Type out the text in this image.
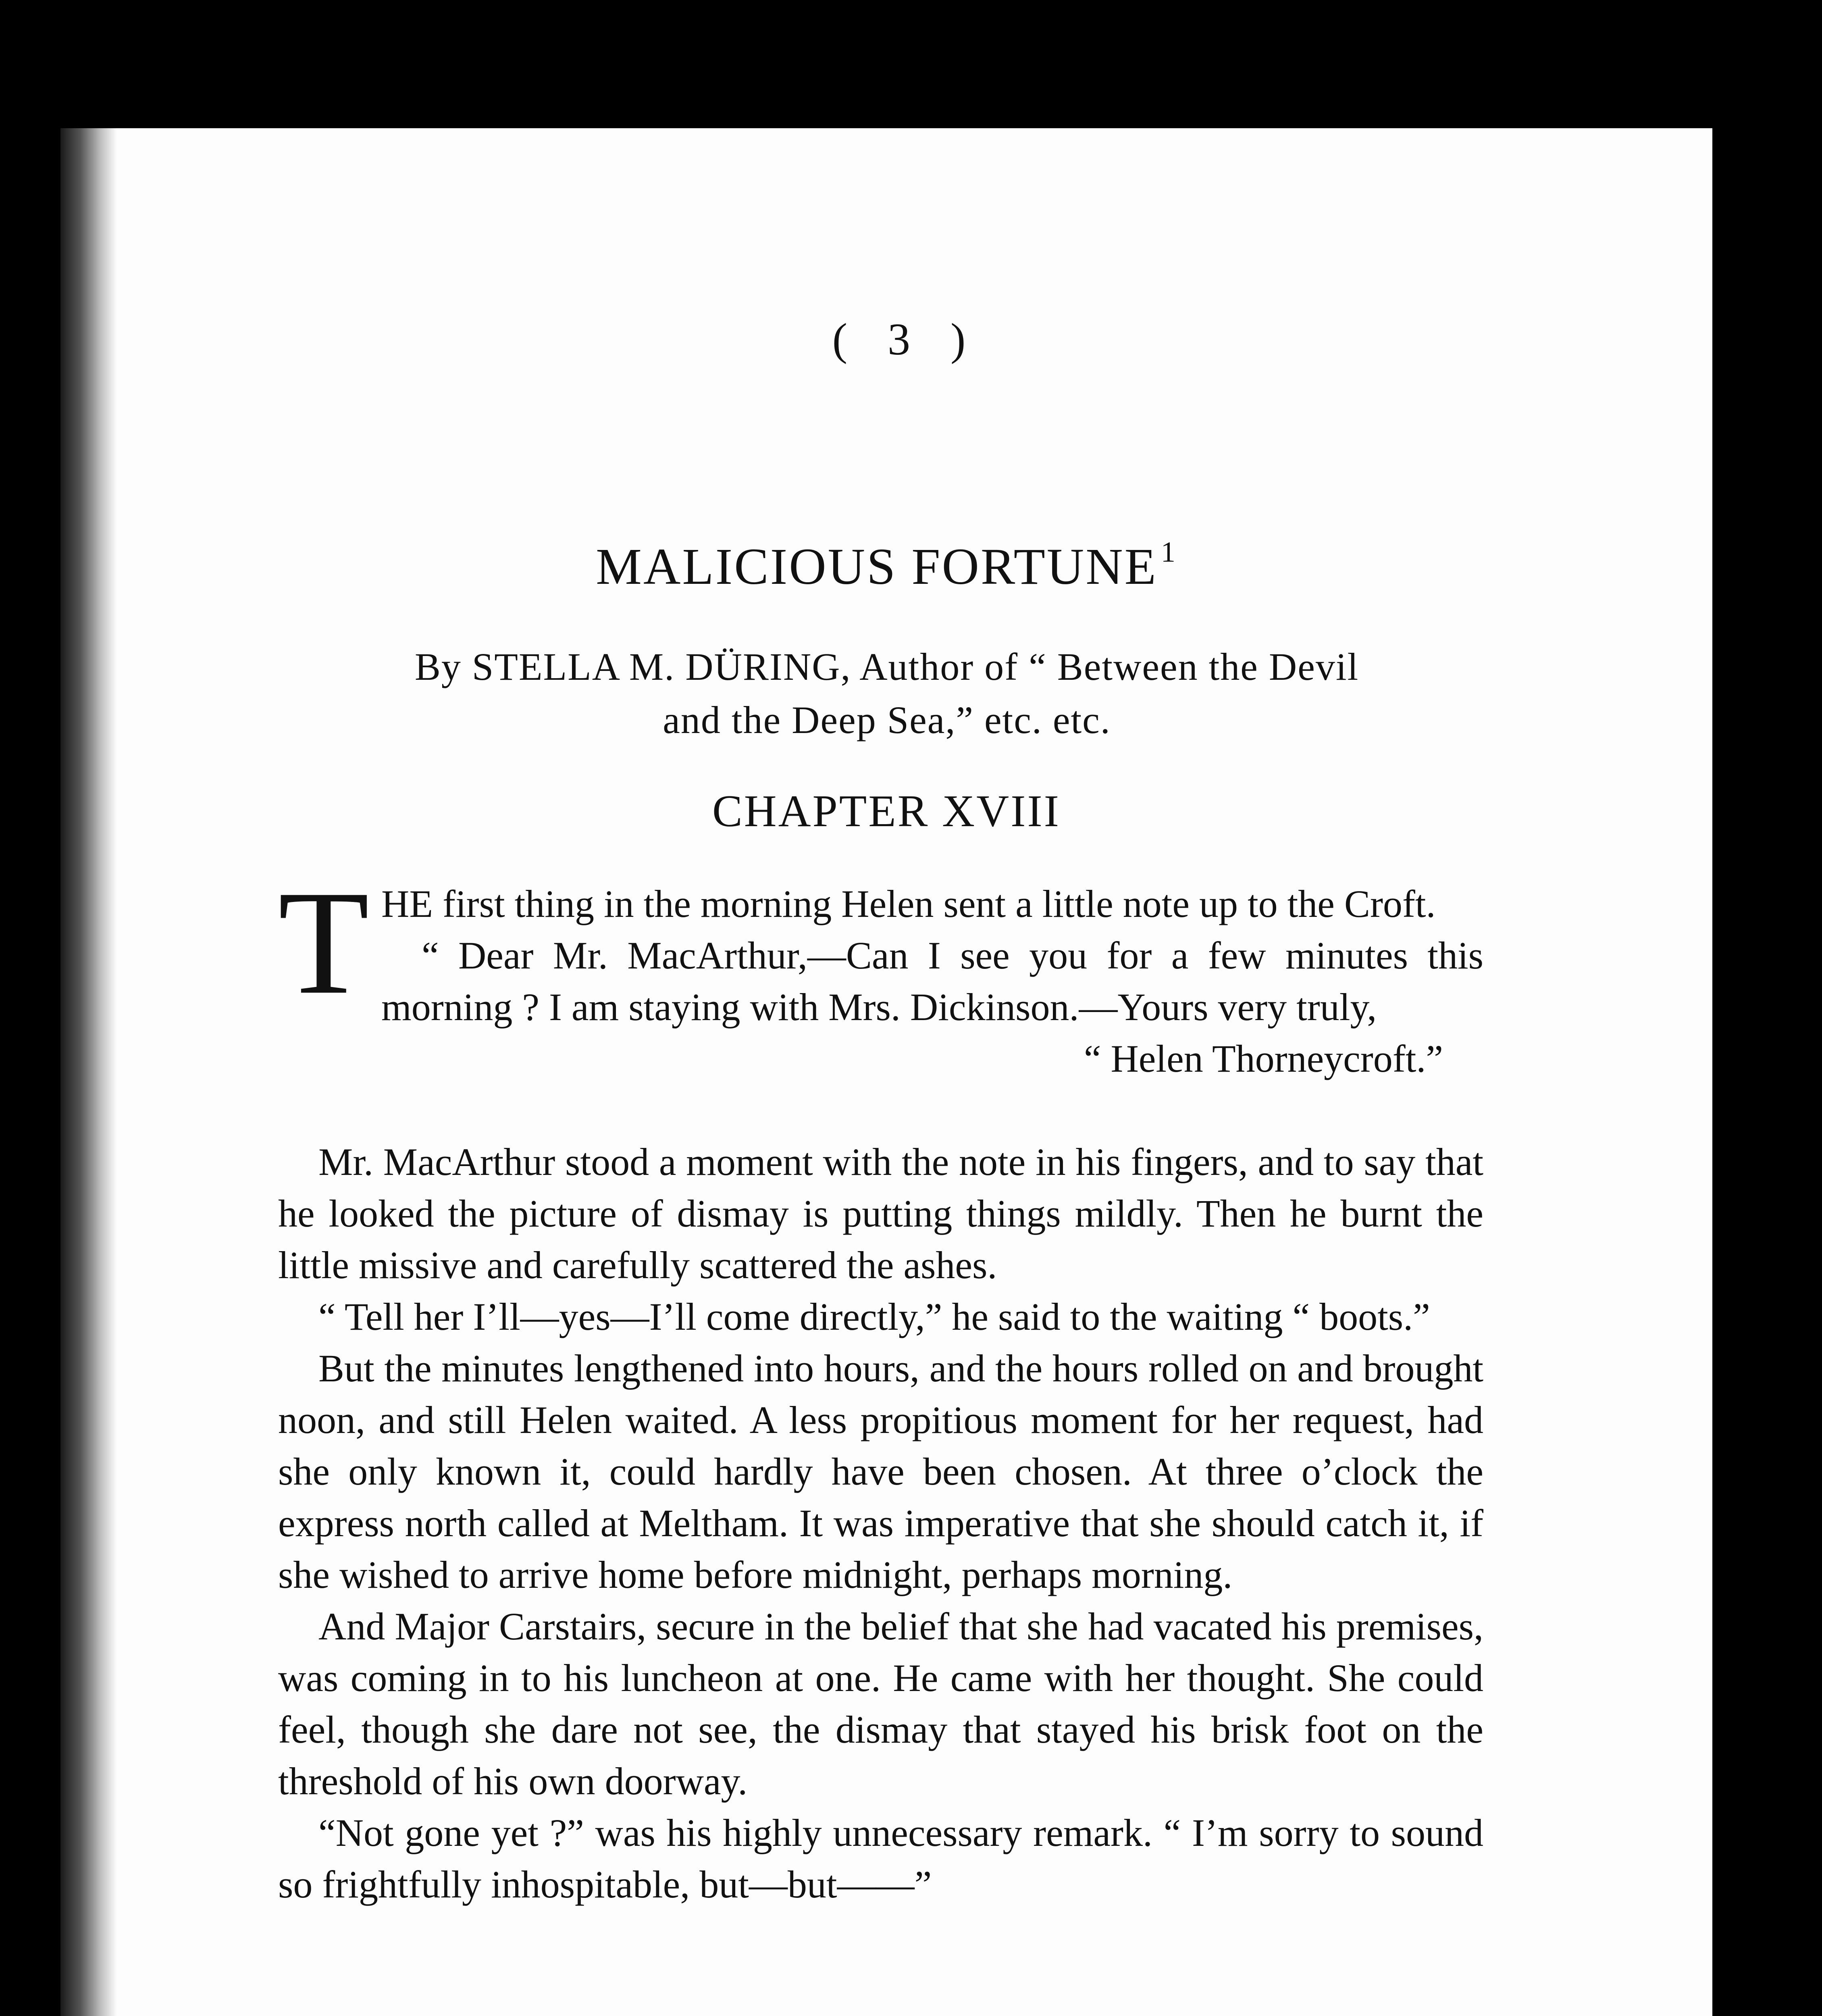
( 3 )
MALICIOUS FORTUNE $^1$
By STELLA M. DÜRING, Author of “ Between the Devil
and the Deep Sea,” etc. etc.
CHAPTER XVIII

THE first thing in the morning Helen sent a little note up to the Croft.

“ Dear Mr. MacArthur,—Can I see you for a few minutes this morning ? I am staying with Mrs. Dickinson.—Yours very truly,

“ Helen Thorneycroft.”

Mr. MacArthur stood a moment with the note in his fingers, and to say that he looked the picture of dismay is putting things mildly. Then he burnt the little missive and carefully scattered the ashes.

“ Tell her I’ll—yes—I’ll come directly,” he said to the waiting “ boots.”

But the minutes lengthened into hours, and the hours rolled on and brought noon, and still Helen waited. A less propitious moment for her request, had she only known it, could hardly have been chosen. At three o’clock the express north called at Meltham. It was imperative that she should catch it, if she wished to arrive home before midnight, perhaps morning.

And Major Carstairs, secure in the belief that she had vacated his premises, was coming in to his luncheon at one. He came with her thought. She could feel, though she dare not see, the dismay that stayed his brisk foot on the threshold of his own doorway.

“Not gone yet ?” was his highly unnecessary remark. “ I’m sorry to sound so frightfully inhospitable, but—but——”
